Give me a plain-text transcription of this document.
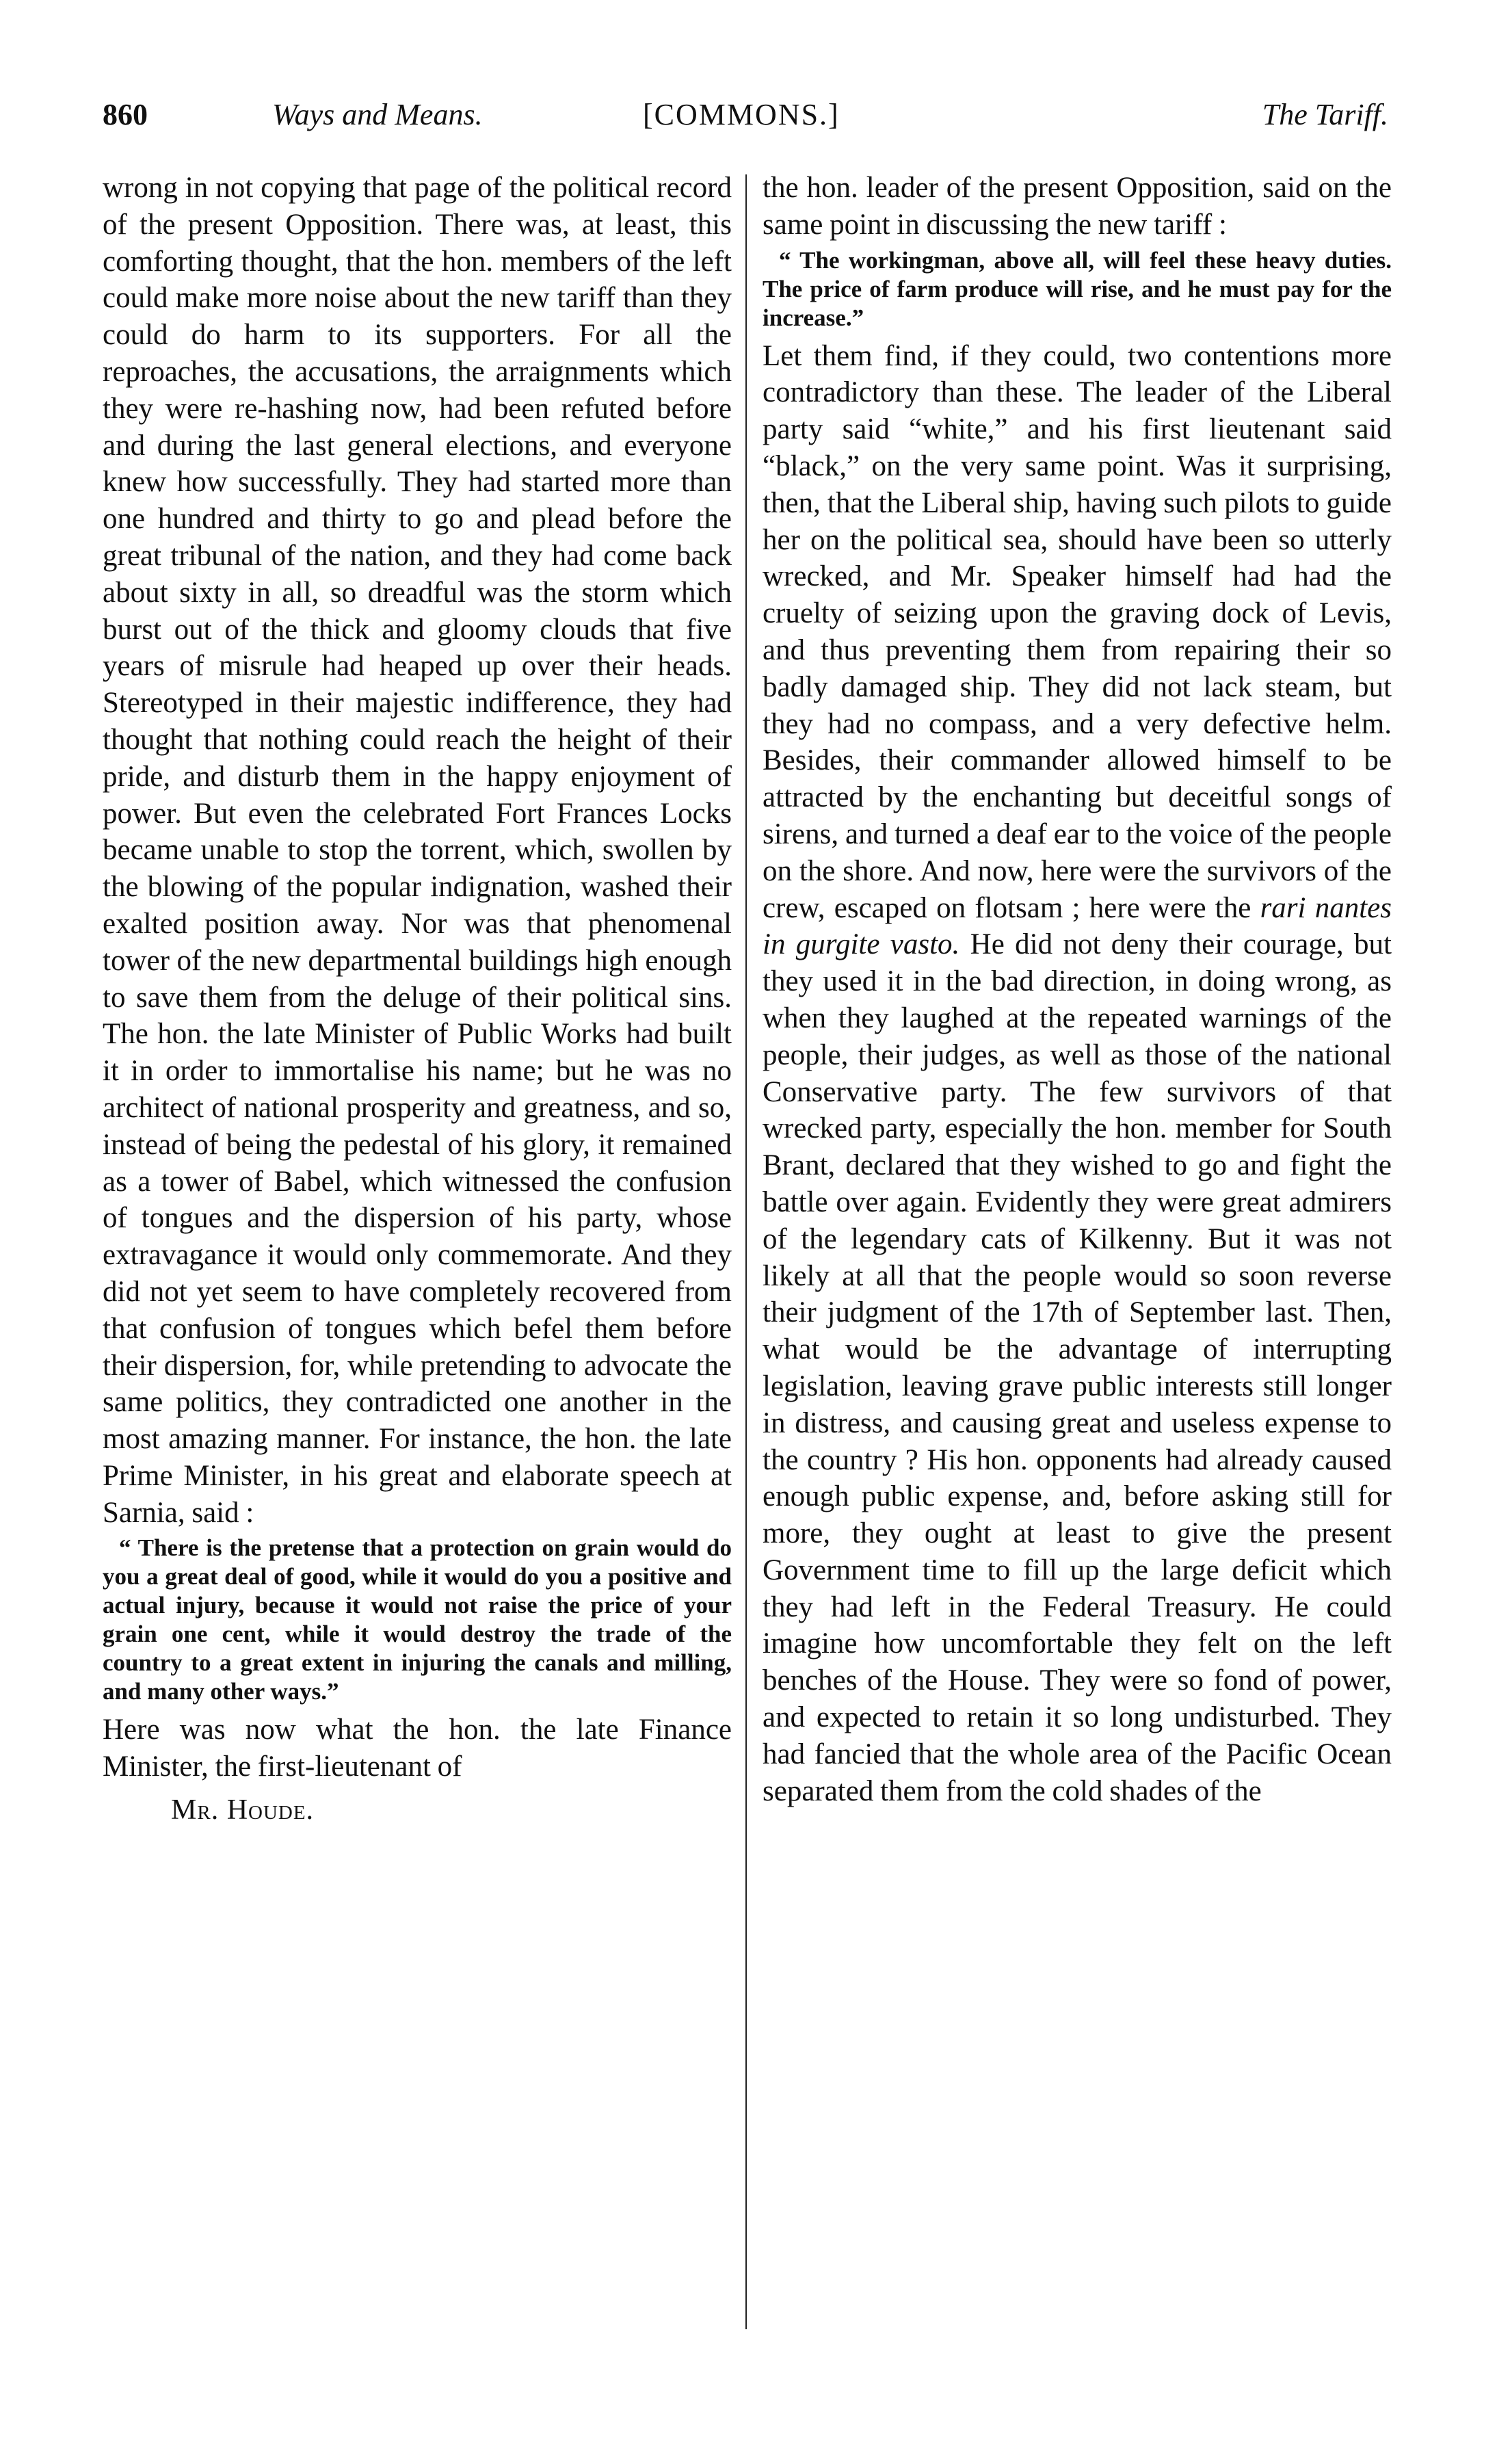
860	Ways and Means.	[COMMONS.]	The Tariff.

wrong in not copying that page of the political record of the present Opposition. There was, at least, this comforting thought, that the hon. members of the left could make more noise about the new tariff than they could do harm to its supporters. For all the reproaches, the accusations, the arraignments which they were re-hashing now, had been refuted before and during the last general elections, and everyone knew how successfully. They had started more than one hundred and thirty to go and plead before the great tribunal of the nation, and they had come back about sixty in all, so dreadful was the storm which burst out of the thick and gloomy clouds that five years of misrule had heaped up over their heads. Stereotyped in their majestic indifference, they had thought that nothing could reach the height of their pride, and disturb them in the happy enjoyment of power. But even the celebrated Fort Frances Locks became unable to stop the torrent, which, swollen by the blowing of the popular indignation, washed their exalted position away. Nor was that phenomenal tower of the new departmental buildings high enough to save them from the deluge of their political sins. The hon. the late Minister of Public Works had built it in order to immortalise his name; but he was no architect of national prosperity and greatness, and so, instead of being the pedestal of his glory, it remained as a tower of Babel, which witnessed the confusion of tongues and the dispersion of his party, whose extravagance it would only commemorate. And they did not yet seem to have completely recovered from that confusion of tongues which befel them before their dispersion, for, while pretending to advocate the same politics, they contradicted one another in the most amazing manner. For instance, the hon. the late Prime Minister, in his great and elaborate speech at Sarnia, said :

“ There is the pretense that a protection on grain would do you a great deal of good, while it would do you a positive and actual injury, because it would not raise the price of your grain one cent, while it would destroy the trade of the country to a great extent in injuring the canals and milling, and many other ways.”

Here was now what the hon. the late Finance Minister, the first-lieutenant of

Mr. Houde.

the hon. leader of the present Opposition, said on the same point in discussing the new tariff :

“ The workingman, above all, will feel these heavy duties. The price of farm produce will rise, and he must pay for the increase.”

Let them find, if they could, two contentions more contradictory than these. The leader of the Liberal party said “white,” and his first lieutenant said “black,” on the very same point. Was it surprising, then, that the Liberal ship, having such pilots to guide her on the political sea, should have been so utterly wrecked, and Mr. Speaker himself had had the cruelty of seizing upon the graving dock of Levis, and thus preventing them from repairing their so badly damaged ship. They did not lack steam, but they had no compass, and a very defective helm. Besides, their commander allowed himself to be attracted by the enchanting but deceitful songs of sirens, and turned a deaf ear to the voice of the people on the shore. And now, here were the survivors of the crew, escaped on flotsam ; here were the rari nantes in gurgite vasto. He did not deny their courage, but they used it in the bad direction, in doing wrong, as when they laughed at the repeated warnings of the people, their judges, as well as those of the national Conservative party. The few survivors of that wrecked party, especially the hon. member for South Brant, declared that they wished to go and fight the battle over again. Evidently they were great admirers of the legendary cats of Kilkenny. But it was not likely at all that the people would so soon reverse their judgment of the 17th of September last. Then, what would be the advantage of interrupting legislation, leaving grave public interests still longer in distress, and causing great and useless expense to the country ? His hon. opponents had already caused enough public expense, and, before asking still for more, they ought at least to give the present Government time to fill up the large deficit which they had left in the Federal Treasury. He could imagine how uncomfortable they felt on the left benches of the House. They were so fond of power, and expected to retain it so long undisturbed. They had fancied that the whole area of the Pacific Ocean separated them from the cold shades of the
